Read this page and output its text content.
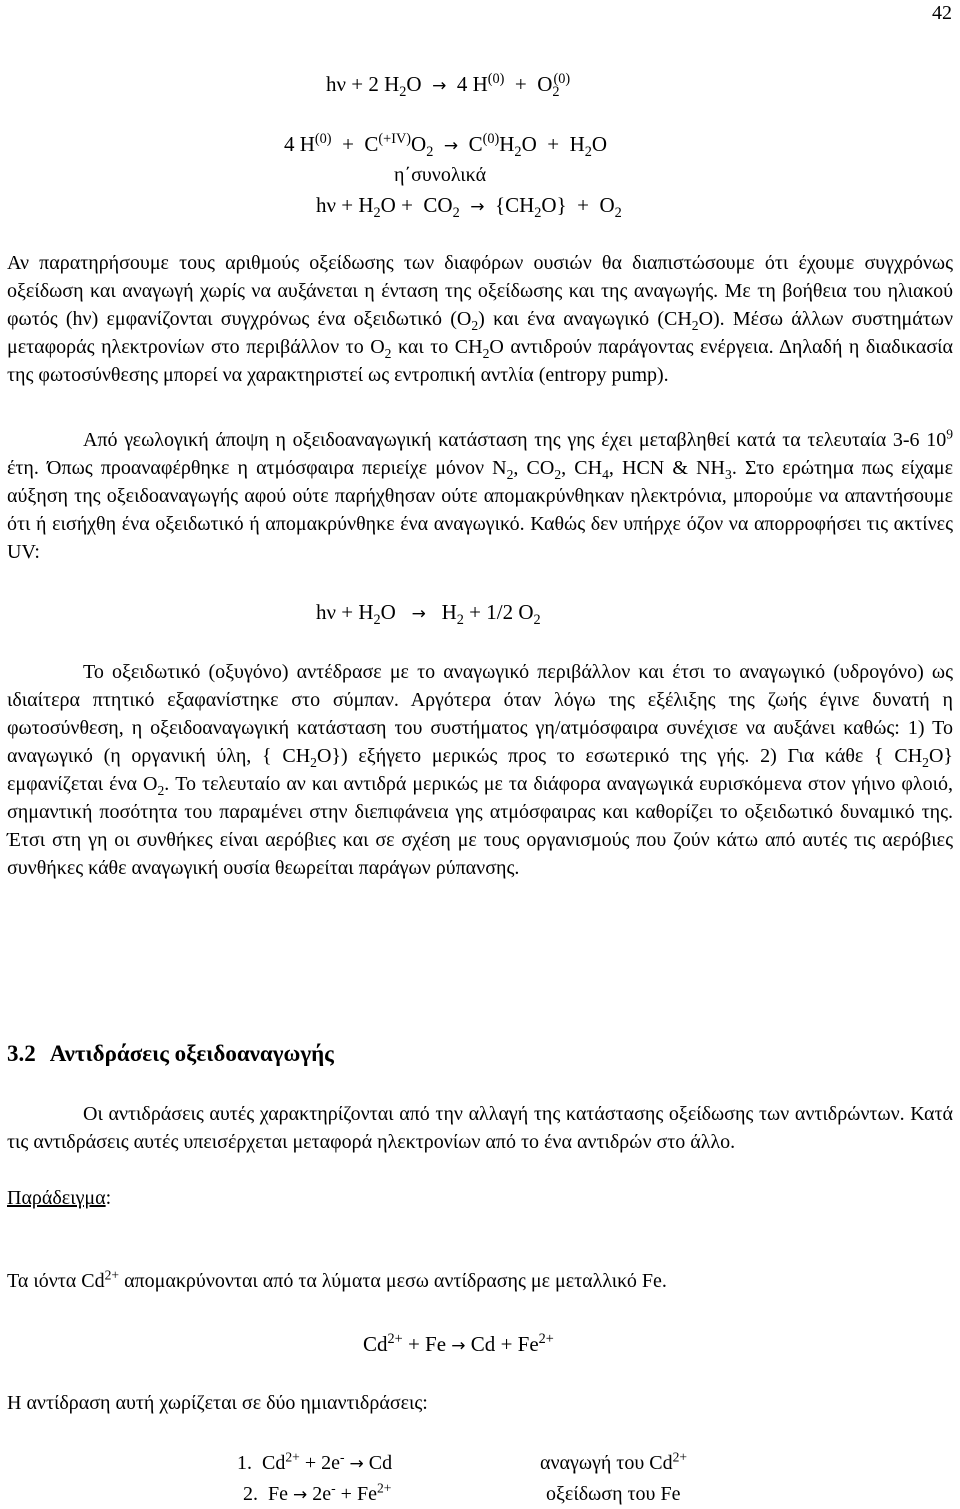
42
hν + 2 $H_2O \to 4$ $H^{(0)} + O_2^{(0)}$
4 $H^{(0)} + C^{(+IV)}O_2 \to C^{(0)}H_2O + H_2O$
η΄συνολικά
$h\nu + H_2O + CO_2 \to \{CH_2O\} + O_2$

Αν παρατηρήσουμε τους αριθμούς οξείδωσης των διαφόρων ουσιών θα διαπιστώσουμε ότι έχουμε συγχρόνως οξείδωση και αναγωγή χωρίς να αυξάνεται η ένταση της οξείδωσης και της αναγωγής. Με τη βοήθεια του ηλιακού φωτός (hν) εμφανίζονται συγχρόνως ένα οξειδωτικό $(O_2)$ και ένα αναγωγικό $(CH_2O)$. Μέσω άλλων συστημάτων μεταφοράς ηλεκτρονίων στο περιβάλλον το $O_2$ και το $CH_2O$ αντιδρούν παράγοντας ενέργεια. Δηλαδή η διαδικασία της φωτοσύνθεσης μπορεί να χαρακτηριστεί ως εντροπική αντλία (entropy pump).

Από γεωλογική άποψη η οξειδοαναγωγική κατάσταση της γης έχει μεταβληθεί κατά τα τελευταία 3-6 $10^9$ έτη. Όπως προαναφέρθηκε η ατμόσφαιρα περιείχε μόνον $N_2$, $CO_2$, $CH_4$, HCN & $NH_3$. Στο ερώτημα πως είχαμε αύξηση της οξειδοαναγωγής αφού ούτε παρήχθησαν ούτε απομακρύνθηκαν ηλεκτρόνια, μπορούμε να απαντήσουμε ότι ή εισήχθη ένα οξειδωτικό ή απομακρύνθηκε ένα αναγωγικό. Καθώς δεν υπήρχε όζον να απορροφήσει τις ακτίνες UV:

$h\nu + H_2O \to H_2 + 1/2$ $O_2$

Το οξειδωτικό (οξυγόνο) αντέδρασε με το αναγωγικό περιβάλλον και έτσι το αναγωγικό (υδρογόνο) ως ιδιαίτερα πτητικό εξαφανίστηκε στο σύμπαν. Αργότερα όταν λόγω της εξέλιξης της ζωής έγινε δυνατή η φωτοσύνθεση, η οξειδοαναγωγική κατάσταση του συστήματος γη/ατμόσφαιρα συνέχισε να αυξάνει καθώς: 1) Το αναγωγικό (η οργανική ύλη, { $CH_2O$}) εξήγετο μερικώς προς το εσωτερικό της γής. 2) Για κάθε { $CH_2O$} εμφανίζεται ένα $O_2$. Το τελευταίο αν και αντιδρά μερικώς με τα διάφορα αναγωγικά ευρισκόμενα στον γήινο φλοιό, σημαντική ποσότητα του παραμένει στην διεπιφάνεια γης ατμόσφαιρας και καθορίζει το οξειδωτικό δυναμικό της. Έτσι στη γη οι συνθήκες είναι αερόβιες και σε σχέση με τους οργανισμούς που ζούν κάτω από αυτές τις αερόβιες συνθήκες κάθε αναγωγική ουσία θεωρείται παράγων ρύπανσης.

3.2 Αντιδράσεις οξειδοαναγωγής

Οι αντιδράσεις αυτές χαρακτηρίζονται από την αλλαγή της κατάστασης οξείδωσης των αντιδρώντων. Κατά τις αντιδράσεις αυτές υπεισέρχεται μεταφορά ηλεκτρονίων από το ένα αντιδρών στο άλλο.

Παράδειγμα:
Τα ιόντα $Cd^{2+}$ απομακρύνονται από τα λύματα μεσω αντίδρασης με μεταλλικό Fe.
$Cd^{2+} + Fe \to Cd + Fe^{2+}$
Η αντίδραση αυτή χωρίζεται σε δύο ημιαντιδράσεις:
1. $Cd^{2+} + 2e^- \to Cd$	αναγωγή του $Cd^{2+}$
2. $Fe \to 2e^- + Fe^{2+}$	οξείδωση του Fe
